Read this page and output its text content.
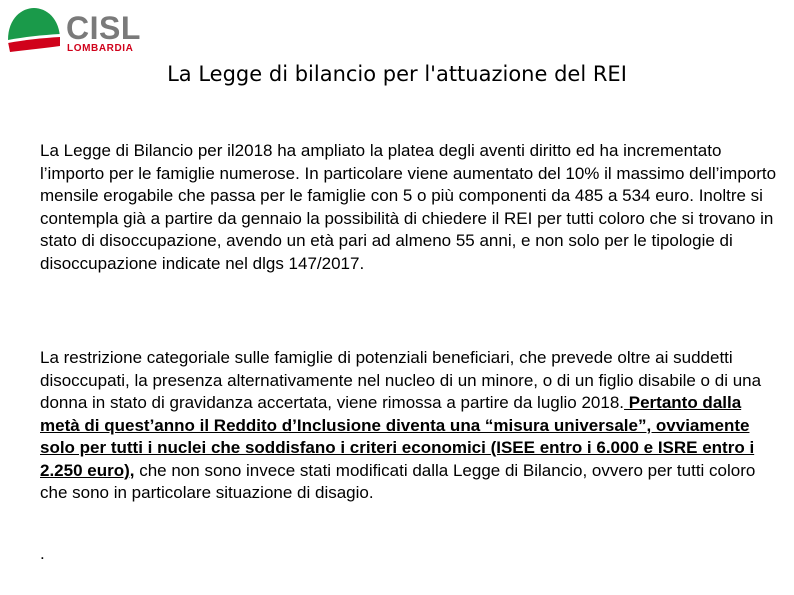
CISL
LOMBARDIA
La Legge di bilancio per l'attuazione del REI

La Legge di Bilancio per il2018 ha ampliato la platea degli aventi diritto ed ha incrementato l’importo per le famiglie numerose. In particolare viene aumentato del 10% il massimo dell’importo mensile erogabile che passa per le famiglie con 5 o più componenti da 485 a 534 euro. Inoltre si contempla già a partire da gennaio la possibilità di chiedere il REI per tutti coloro che si trovano in stato di disoccupazione, avendo un età pari ad almeno 55 anni, e non solo per le tipologie di disoccupazione indicate nel dlgs 147/2017.

La restrizione categoriale sulle famiglie di potenziali beneficiari, che prevede oltre ai suddetti disoccupati, la presenza alternativamente nel nucleo di un minore, o di un figlio disabile o di una donna in stato di gravidanza accertata, viene rimossa a partire da luglio 2018. Pertanto dalla metà di quest’anno il Reddito d’Inclusione diventa una “misura universale”, ovviamente solo per tutti i nuclei che soddisfano i criteri economici (ISEE entro i 6.000 e ISRE entro i 2.250 euro), che non sono invece stati modificati dalla Legge di Bilancio, ovvero per tutti coloro che sono in particolare situazione di disagio.

.
